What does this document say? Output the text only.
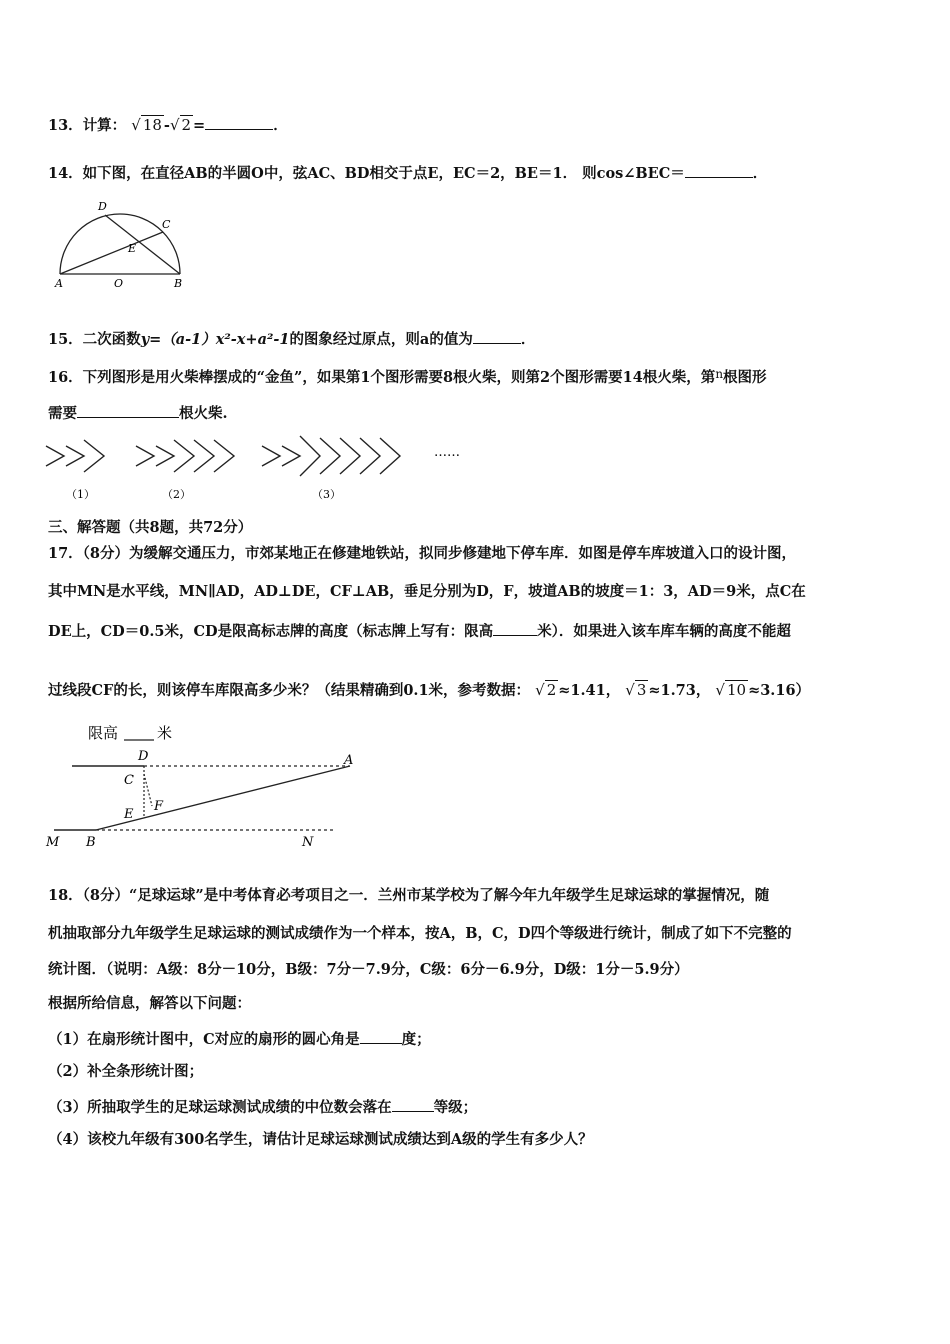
13．计算： √ 18 -√ 2 =	．
14．如下图，在直径AB的半圆O中，弦AC、BD相交于点E，EC＝2，BE＝1． 则cos∠BEC＝	．
D
C
E
A	O	B
15．二次函数y=（a-1）x²-x+a²-1的图象经过原点，则a的值为	．
16．下列图形是用火柴棒摆成的“金鱼”，如果第1个图形需要8根火柴，则第2个图形需要14根火柴，第$^n$根图形
需要	根火柴.
（1）	（2）	（3）
……
三、解答题（共8题，共72分）
17．（8分）为缓解交通压力，市郊某地正在修建地铁站，拟同步修建地下停车库．如图是停车库坡道入口的设计图，
其中MN是水平线，MN∥AD，AD⊥DE，CF⊥AB，垂足分别为D，F，坡道AB的坡度＝1：3，AD＝9米，点C在
DE上，CD＝0.5米，CD是限高标志牌的高度（标志牌上写有：限高	米）．如果进入该车库车辆的高度不能超
过线段CF的长，则该停车库限高多少米？（结果精确到0.1米，参考数据： √ 2 ≈1.41， √ 3 ≈1.73， √ 10 ≈3.16）
限高	米
D	A
C
F
E
M B	N
18．（8分）“足球运球”是中考体育必考项目之一．兰州市某学校为了解今年九年级学生足球运球的掌握情况，随
机抽取部分九年级学生足球运球的测试成绩作为一个样本，按A，B，C，D四个等级进行统计，制成了如下不完整的
统计图．（说明：A级：8分－10分，B级：7分－7.9分，C级：6分－6.9分，D级：1分－5.9分）
根据所给信息，解答以下问题：
（1）在扇形统计图中，C对应的扇形的圆心角是	度；
（2）补全条形统计图；
（3）所抽取学生的足球运球测试成绩的中位数会落在	等级；
（4）该校九年级有300名学生，请估计足球运球测试成绩达到A级的学生有多少人？
